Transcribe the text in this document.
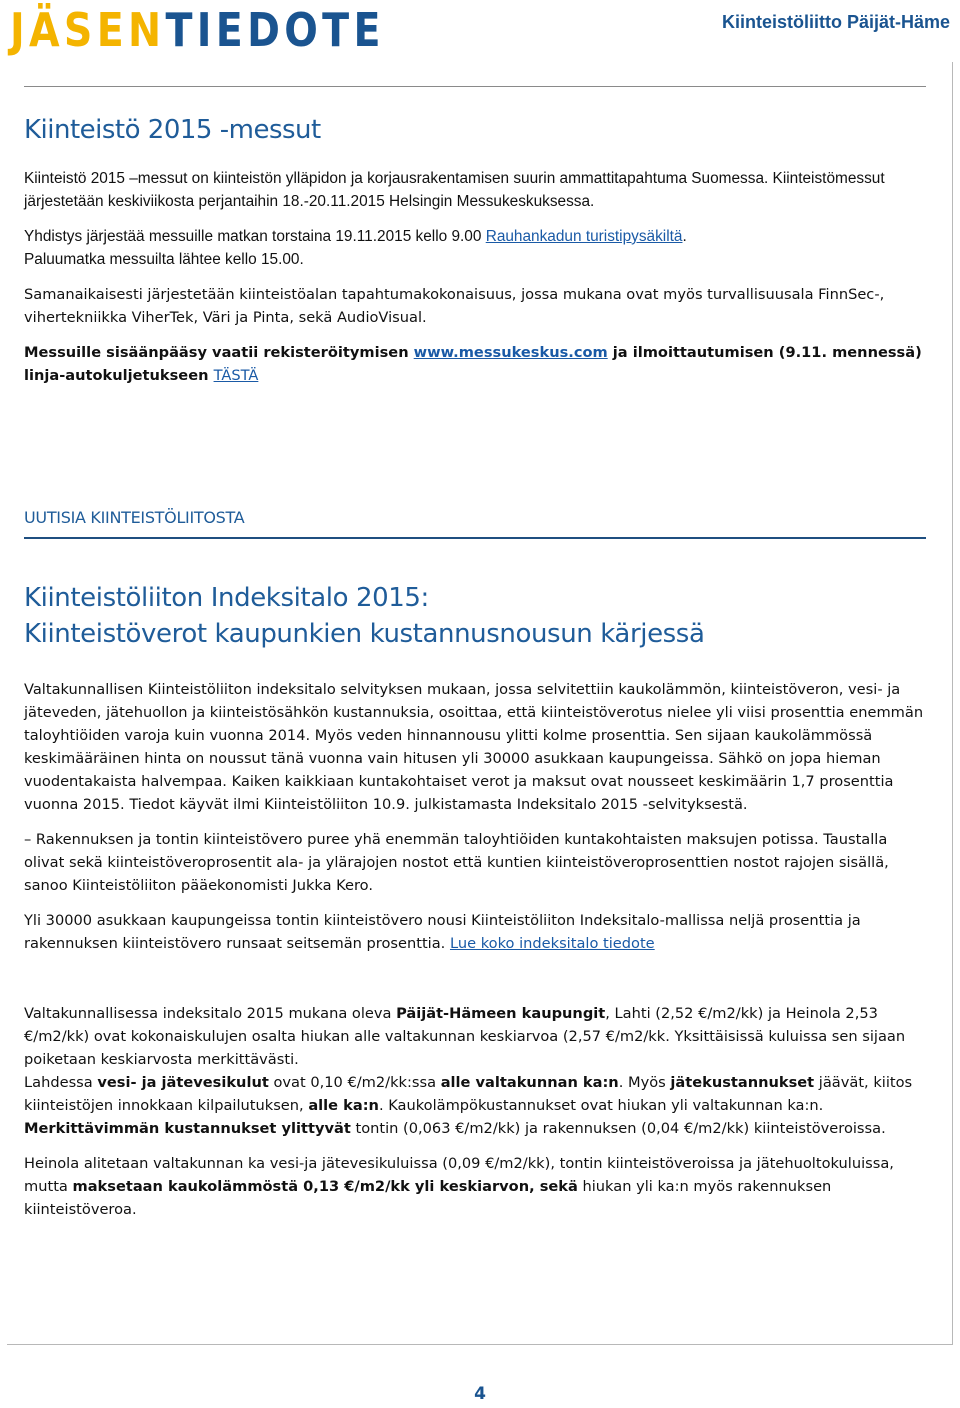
JÄSENTIEDOTE	Kiinteistöliitto Päijät-Häme
Kiinteistö 2015 -messut

Kiinteistö 2015 –messut on kiinteistön ylläpidon ja korjausrakentamisen suurin ammattitapahtuma Suomessa. Kiinteistömessut järjestetään keskiviikosta perjantaihin 18.-20.11.2015 Helsingin Messukeskuksessa.

Yhdistys järjestää messuille matkan torstaina 19.11.2015 kello 9.00 Rauhankadun turistipysäkiltä.

Paluumatka messuilta lähtee kello 15.00.

Samanaikaisesti järjestetään kiinteistöalan tapahtumakokonaisuus, jossa mukana ovat myös turvallisuusala FinnSec-, vihertekniikka ViherTek, Väri ja Pinta, sekä AudioVisual.

Messuille sisäänpääsy vaatii rekisteröitymisen www.messukeskus.com ja ilmoittautumisen (9.11. mennessä) linja-autokuljetukseen TÄSTÄ

UUTISIA KIINTEISTÖLIITOSTA
Kiinteistöliiton Indeksitalo 2015:
Kiinteistöverot kaupunkien kustannusnousun kärjessä

Valtakunnallisen Kiinteistöliiton indeksitalo selvityksen mukaan, jossa selvitettiin kaukolämmön, kiinteistöveron, vesi- ja jäteveden, jätehuollon ja kiinteistösähkön kustannuksia, osoittaa, että kiinteistöverotus nielee yli viisi prosenttia enemmän taloyhtiöiden varoja kuin vuonna 2014. Myös veden hinnannousu ylitti kolme prosenttia. Sen sijaan kaukolämmössä keskimääräinen hinta on noussut tänä vuonna vain hitusen yli 30000 asukkaan kaupungeissa. Sähkö on jopa hieman vuodentakaista halvempaa. Kaiken kaikkiaan kuntakohtaiset verot ja maksut ovat nousseet keskimäärin 1,7 prosenttia vuonna 2015. Tiedot käyvät ilmi Kiinteistöliiton 10.9. julkistamasta Indeksitalo 2015 -selvityksestä.

– Rakennuksen ja tontin kiinteistövero puree yhä enemmän taloyhtiöiden kuntakohtaisten maksujen potissa. Taustalla olivat sekä kiinteistöveroprosentit ala- ja ylärajojen nostot että kuntien kiinteistöveroprosenttien nostot rajojen sisällä, sanoo Kiinteistöliiton pääekonomisti Jukka Kero.

Yli 30000 asukkaan kaupungeissa tontin kiinteistövero nousi Kiinteistöliiton Indeksitalo-mallissa neljä prosenttia ja rakennuksen kiinteistövero runsaat seitsemän prosenttia. Lue koko indeksitalo tiedote

Valtakunnallisessa indeksitalo 2015 mukana oleva Päijät-Hämeen kaupungit, Lahti (2,52 €/m2/kk) ja Heinola 2,53 €/m2/kk) ovat kokonaiskulujen osalta hiukan alle valtakunnan keskiarvoa (2,57 €/m2/kk. Yksittäisissä kuluissa sen sijaan poiketaan keskiarvosta merkittävästi.

Lahdessa vesi- ja jätevesikulut ovat 0,10 €/m2/kk:ssa alle valtakunnan ka:n. Myös jätekustannukset jäävät, kiitos kiinteistöjen innokkaan kilpailutuksen, alle ka:n. Kaukolämpökustannukset ovat hiukan yli valtakunnan ka:n. Merkittävimmän kustannukset ylittyvät tontin (0,063 €/m2/kk) ja rakennuksen (0,04 €/m2/kk) kiinteistöveroissa.

Heinola alitetaan valtakunnan ka vesi-ja jätevesikuluissa (0,09 €/m2/kk), tontin kiinteistöveroissa ja jätehuoltokuluissa, mutta maksetaan kaukolämmöstä 0,13 €/m2/kk yli keskiarvon, sekä hiukan yli ka:n myös rakennuksen kiinteistöveroa.

4
